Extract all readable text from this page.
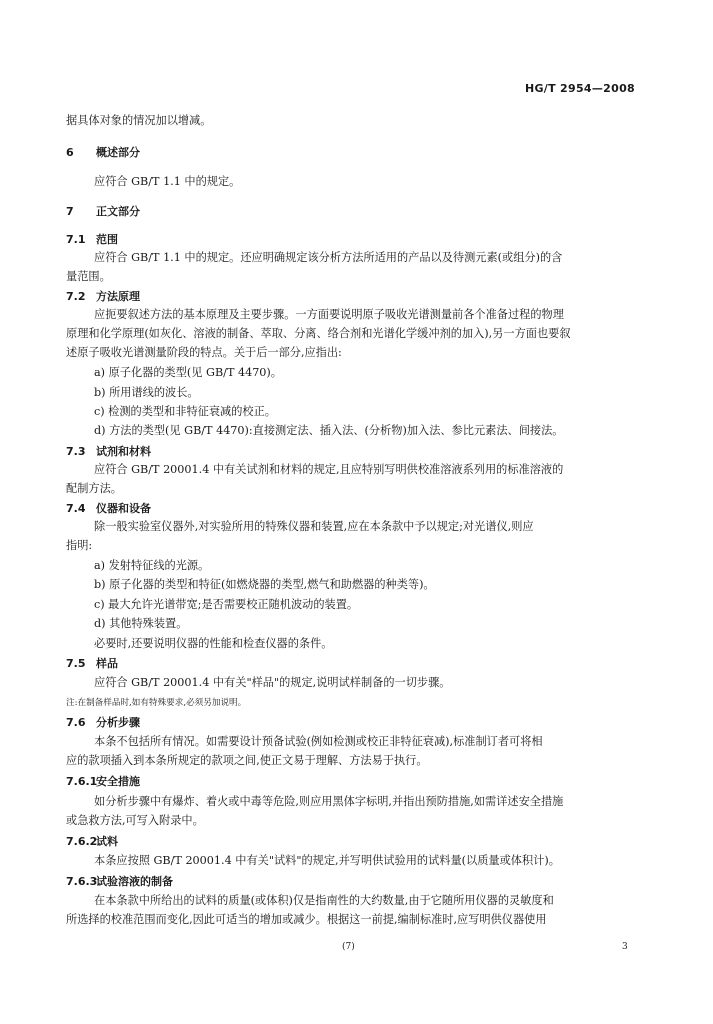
HG/T 2954—2008
据具体对象的情况加以增减。
6 概述部分
应符合 GB/T 1.1 中的规定。
7 正文部分
7.1 范围
应符合 GB/T 1.1 中的规定。还应明确规定该分析方法所适用的产品以及待测元素(或组分)的含
量范围。
7.2 方法原理
应扼要叙述方法的基本原理及主要步骤。一方面要说明原子吸收光谱测量前各个准备过程的物理
原理和化学原理(如灰化、溶液的制备、萃取、分离、络合剂和光谱化学缓冲剂的加入),另一方面也要叙
述原子吸收光谱测量阶段的特点。关于后一部分,应指出:
a) 原子化器的类型(见 GB/T 4470)。
b) 所用谱线的波长。
c) 检测的类型和非特征衰减的校正。
d) 方法的类型(见 GB/T 4470):直接测定法、插入法、(分析物)加入法、参比元素法、间接法。
7.3 试剂和材料
应符合 GB/T 20001.4 中有关试剂和材料的规定,且应特别写明供校准溶液系列用的标准溶液的
配制方法。
7.4 仪器和设备
除一般实验室仪器外,对实验所用的特殊仪器和装置,应在本条款中予以规定;对光谱仪,则应
指明:
a) 发射特征线的光源。
b) 原子化器的类型和特征(如燃烧器的类型,燃气和助燃器的种类等)。
c) 最大允许光谱带宽;是否需要校正随机波动的装置。
d) 其他特殊装置。
必要时,还要说明仪器的性能和检查仪器的条件。
7.5 样品
应符合 GB/T 20001.4 中有关"样品"的规定,说明试样制备的一切步骤。
注:在制备样品时,如有特殊要求,必须另加说明。
7.6 分析步骤
本条不包括所有情况。如需要设计预备试验(例如检测或校正非特征衰减),标准制订者可将相
应的款项插入到本条所规定的款项之间,使正文易于理解、方法易于执行。
7.6.1安全措施
如分析步骤中有爆炸、着火或中毒等危险,则应用黑体字标明,并指出预防措施,如需详述安全措施
或急救方法,可写入附录中。
7.6.2试料
本条应按照 GB/T 20001.4 中有关"试料"的规定,并写明供试验用的试料量(以质量或体积计)。
7.6.3试验溶液的制备
在本条款中所给出的试料的质量(或体积)仅是指南性的大约数量,由于它随所用仪器的灵敏度和
所选择的校准范围而变化,因此可适当的增加或减少。根据这一前提,编制标准时,应写明供仪器使用
(7)	3
